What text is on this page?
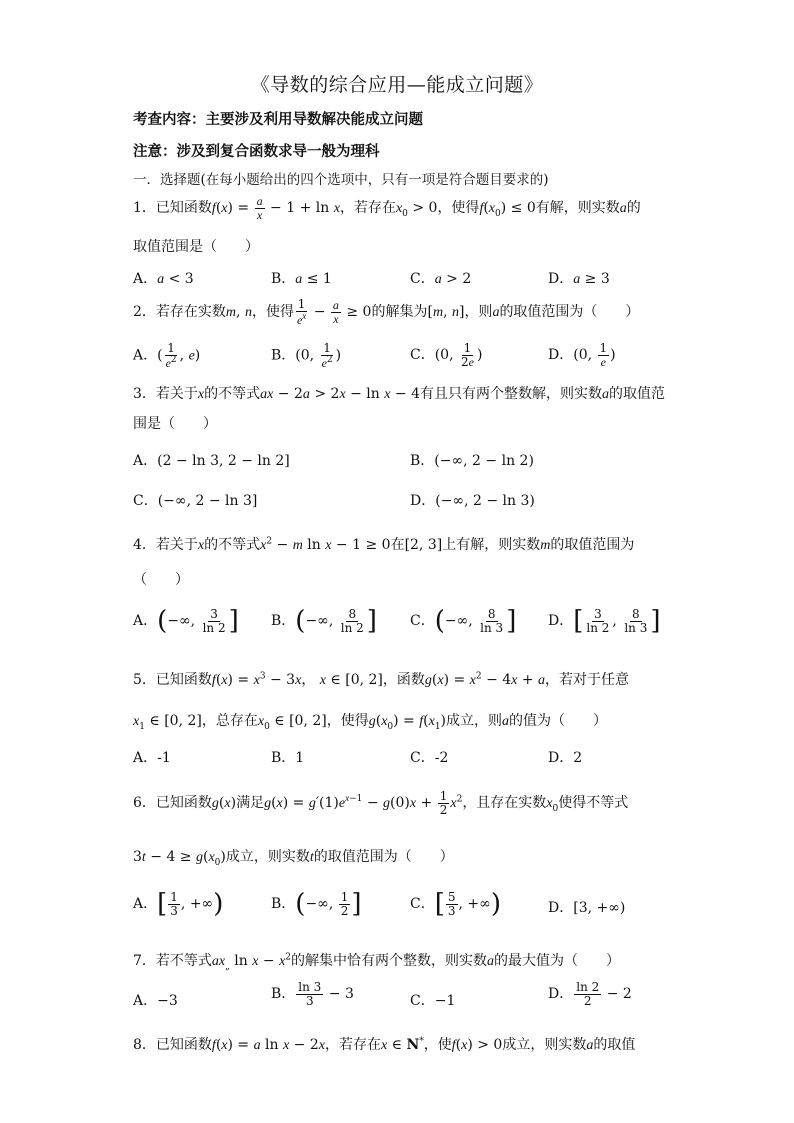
《导数的综合应用—能成立问题》
考查内容：主要涉及利用导数解决能成立问题
注意：涉及到复合函数求导一般为理科
一．选择题(在每小题给出的四个选项中，只有一项是符合题目要求的)
1．已知函数$f(x) = \frac{a}{x} - 1 + \ln x$，若存在$x_0 > 0$，使得$f(x_0) \le 0$有解，则实数a的
取值范围是（　　）
A．a < 3	B．a ≤ 1	C．a > 2	D．a ≥ 3
2．若存在实数m, n，使得 $\frac{1}{e^x} - \frac{a}{x} \ge 0$的解集为[m, n]，则a的取值范围为（　　）
A．( $\frac{1}{e^2}$ , e)	B．(0, $\frac{1}{e^2}$ )	C．(0, $\frac{1}{2e}$ )	D．(0, $\frac{1}{e}$ )
3．若关于x的不等式ax − 2a > 2x − ln x − 4有且只有两个整数解，则实数a的取值范
围是（　　）
A．(2 − ln 3, 2 − ln 2]	B．(−∞, 2 − ln 2)
C．(−∞, 2 − ln 3]	D．(−∞, 2 − ln 3)
4．若关于x的不等式$x^2 - m$ ln x − 1 ≥ 0在[2, 3]上有解，则实数m的取值范围为
（　　）
A．(−∞, $\frac{3}{\ln 2}$ ] B．(−∞, $\frac{8}{\ln 2}$ ] C．(−∞, $\frac{8}{\ln 3}$ ] D．[ $\frac{3}{\ln 2}$ , $\frac{8}{\ln 3}$ ]
5．已知函数$f(x) = x^3 - 3x$， x ∈ [0, 2]，函数$g(x) = x^2 - 4x + a$，若对于任意
$x_1$ ∈ [0, 2]，总存在$x_0$ ∈ [0, 2]，使得$g(x_0) = f(x_1)$成立，则a的值为（　　）
A．-1	B．1	C．-2	D．2
6．已知函数g(x)满足$g(x) = g'(1)e^{x-1} - g(0)x + \frac{1}{2} x^2$，且存在实数$x_0$使得不等式
$3t - 4 \ge g(x_0)$成立，则实数t的取值范围为（　　）
A．[ $\frac{1}{3}$ , +∞)	B．(−∞, $\frac{1}{2}$ ]	C．[ $\frac{5}{3}$ , +∞)	D．[3, +∞)
7．若不等式$ax_„$ $\ln x - x^2$的解集中恰有两个整数，则实数a的最大值为（　　）
A．−3	B． $\frac{\ln 3}{3} - 3$	C．−1	D． $\frac{\ln 2}{2} - 2$
8．已知函数f(x) = a ln x − 2x，若存在x ∈ N*，使f(x) > 0成立，则实数a的取值
